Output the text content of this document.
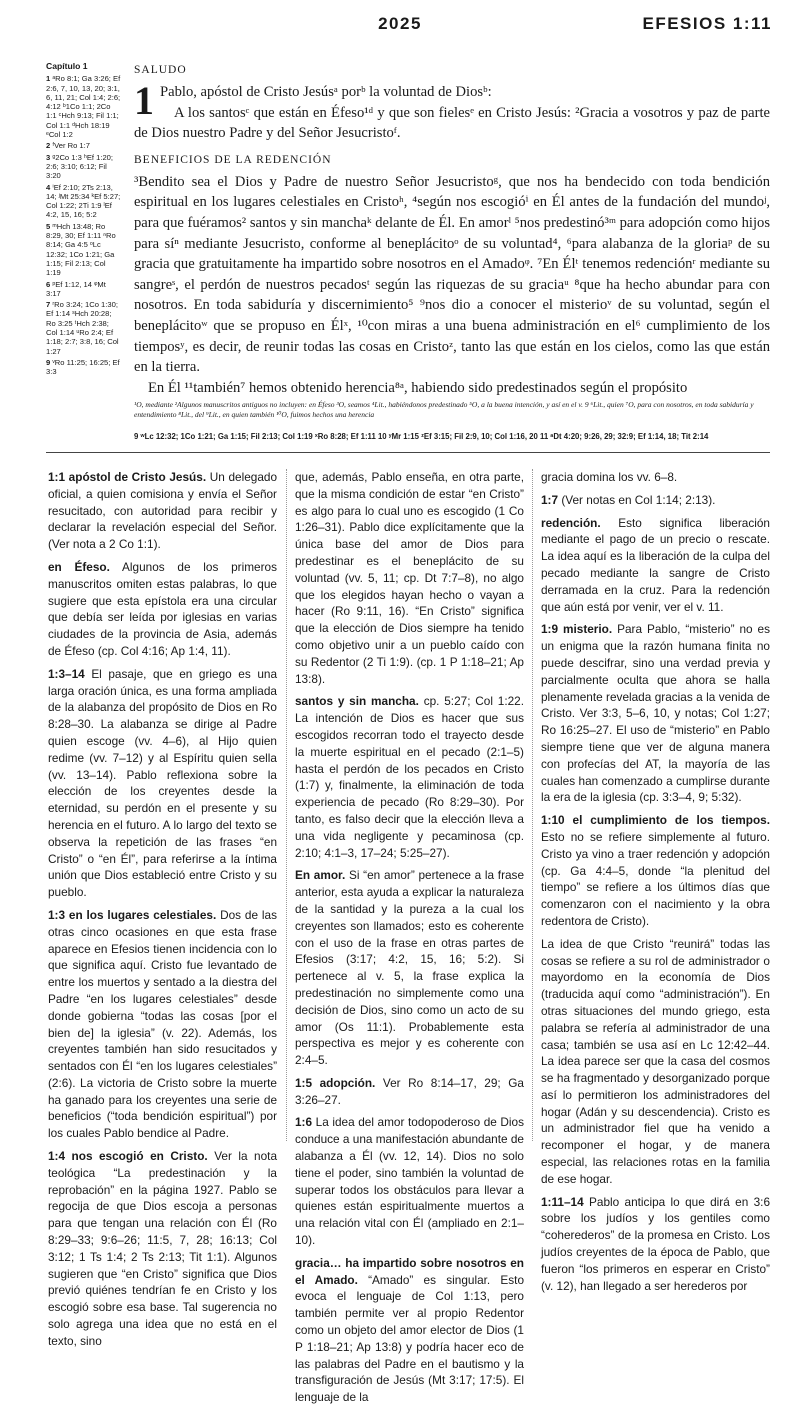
2025	EFESIOS 1:11
Capítulo 1
1 ᵃRo 8:1; Ga 3:26; Ef 2:6, 7, 10, 13, 20; 3:1, 6, 11, 21; Col 1:4; 2:6; 4:12 ᵇ1Co 1:1; 2Co 1:1 ᶜHch 9:13; Fil 1:1; Col 1:1 ᵈHch 18:19 ᵉCol 1:2
2 ᶠVer Ro 1:7
3 ᵍ2Co 1:3 ʰEf 1:20; 2:6; 3:10; 6:12; Fil 3:20
4 ⁱEf 2:10; 2Ts 2:13, 14; ʲMt 25:34 ᵏEf 5:27; Col 1:22; 2Ti 1:9 ˡEf 4:2, 15, 16; 5:2
5 ᵐHch 13:48; Ro 8:29, 30; Ef 1:11 ⁿRo 8:14; Ga 4:5 ᵒLc 12:32; 1Co 1:21; Ga 1:15; Fil 2:13; Col 1:19
6 ᵖEf 1:12, 14 ᵠMt 3:17
7 ʳRo 3:24; 1Co 1:30; Ef 1:14 ˢHch 20:28; Ro 3:25 ᵗHch 2:38; Col 1:14 ᵘRo 2:4; Ef 1:18; 2:7; 3:8, 16; Col 1:27
9 ᵛRo 11:25; 16:25; Ef 3:3
SALUDO
1 Pablo, apóstol de Cristo Jesúsᵃ porᵇ la voluntad de Diosᵇ:

A los santosᶜ que están en Éfeso¹ᵈ y que son fielesᵉ en Cristo Jesús: ²Gracia a vosotros y paz de parte de Dios nuestro Padre y del Señor Jesucristoᶠ.

BENEFICIOS DE LA REDENCIÓN

³Bendito sea el Dios y Padre de nuestro Señor Jesucristoᵍ, que nos ha bendecido con toda bendición espiritual en los lugares celestiales en Cristoʰ, ⁴según nos escogióⁱ en Él antes de la fundación del mundoʲ, para que fuéramos² santos y sin manchaᵏ delante de Él. En amorˡ ⁵nos predestinó³ᵐ para adopción como hijos para síⁿ mediante Jesucristo, conforme al beneplácitoᵒ de su voluntad⁴, ⁶para alabanza de la gloriaᵖ de su gracia que gratuitamente ha impartido sobre nosotros en el Amadoᵠ. ⁷En Élᵗ tenemos redenciónʳ mediante su sangreˢ, el perdón de nuestros pecadosᵗ según las riquezas de su graciaᵘ ⁸que ha hecho abundar para con nosotros. En toda sabiduría y discernimiento⁵ ⁹nos dio a conocer el misterioᵛ de su voluntad, según el beneplácitoʷ que se propuso en Élˣ, ¹⁰con miras a una buena administración en el⁶ cumplimiento de los tiemposʸ, es decir, de reunir todas las cosas en Cristoᶻ, tanto las que están en los cielos, como las que están en la tierra.

En Él ¹¹también⁷ hemos obtenido herencia⁸ᵃ, habiendo sido predestinados según el propósito

¹O, mediante ²Algunos manuscritos antiguos no incluyen: en Éfeso ³O, seamos ⁴Lit., habiéndonos predestinado ⁵O, a la buena intención, y así en el v. 9 ⁶Lit., quien ⁷O, para con nosotros, en toda sabiduría y entendimiento ⁸Lit., del ⁹Lit., en quien también ¹⁰O, fuimos hechos una herencia
9 ʷLc 12:32; 1Co 1:21; Ga 1:15; Fil 2:13; Col 1:19 ˣRo 8:28; Ef 1:11 10 ʸMr 1:15 ᶻEf 3:15; Fil 2:9, 10; Col 1:16, 20 11 ᵃDt 4:20; 9:26, 29; 32:9; Ef 1:14, 18; Tit 2:14

1:1 apóstol de Cristo Jesús. Un delegado oficial, a quien comisiona y envía el Señor resucitado, con autoridad para recibir y declarar la revelación especial del Señor. (Ver nota a 2 Co 1:1).

en Éfeso. Algunos de los primeros manuscritos omiten estas palabras, lo que sugiere que esta epístola era una circular que debía ser leída por iglesias en varias ciudades de la provincia de Asia, además de Éfeso (cp. Col 4:16; Ap 1:4, 11).

1:3–14 El pasaje, que en griego es una larga oración única, es una forma ampliada de la alabanza del propósito de Dios en Ro 8:28–30. La alabanza se dirige al Padre quien escoge (vv. 4–6), al Hijo quien redime (vv. 7–12) y al Espíritu quien sella (vv. 13–14). Pablo reflexiona sobre la elección de los creyentes desde la eternidad, su perdón en el presente y su herencia en el futuro. A lo largo del texto se observa la repetición de las frases “en Cristo” o “en Él”, para referirse a la íntima unión que Dios estableció entre Cristo y su pueblo.

1:3 en los lugares celestiales. Dos de las otras cinco ocasiones en que esta frase aparece en Efesios tienen incidencia con lo que significa aquí. Cristo fue levantado de entre los muertos y sentado a la diestra del Padre “en los lugares celestiales” desde donde gobierna “todas las cosas [por el bien de] la iglesia” (v. 22). Además, los creyentes también han sido resucitados y sentados con Él “en los lugares celestiales” (2:6). La victoria de Cristo sobre la muerte ha ganado para los creyentes una serie de beneficios (“toda bendición espiritual”) por los cuales Pablo bendice al Padre.

1:4 nos escogió en Cristo. Ver la nota teológica “La predestinación y la reprobación” en la página 1927. Pablo se regocija de que Dios escoja a personas para que tengan una relación con Él (Ro 8:29–33; 9:6–26; 11:5, 7, 28; 16:13; Col 3:12; 1 Ts 1:4; 2 Ts 2:13; Tit 1:1). Algunos sugieren que “en Cristo” significa que Dios previó quiénes tendrían fe en Cristo y los escogió sobre esa base. Tal sugerencia no solo agrega una idea que no está en el texto, sino

que, además, Pablo enseña, en otra parte, que la misma condición de estar “en Cristo” es algo para lo cual uno es escogido (1 Co 1:26–31). Pablo dice explícitamente que la única base del amor de Dios para predestinar es el beneplácito de su voluntad (vv. 5, 11; cp. Dt 7:7–8), no algo que los elegidos hayan hecho o vayan a hacer (Ro 9:11, 16). “En Cristo” significa que la elección de Dios siempre ha tenido como objetivo unir a un pueblo caído con su Redentor (2 Ti 1:9). (cp. 1 P 1:18–21; Ap 13:8).

santos y sin mancha. cp. 5:27; Col 1:22. La intención de Dios es hacer que sus escogidos recorran todo el trayecto desde la muerte espiritual en el pecado (2:1–5) hasta el perdón de los pecados en Cristo (1:7) y, finalmente, la eliminación de toda experiencia de pecado (Ro 8:29–30). Por tanto, es falso decir que la elección lleva a una vida negligente y pecaminosa (cp. 2:10; 4:1–3, 17–24; 5:25–27).

En amor. Si “en amor” pertenece a la frase anterior, esta ayuda a explicar la naturaleza de la santidad y la pureza a la cual los creyentes son llamados; esto es coherente con el uso de la frase en otras partes de Efesios (3:17; 4:2, 15, 16; 5:2). Si pertenece al v. 5, la frase explica la predestinación no simplemente como una decisión de Dios, sino como un acto de su amor (Os 11:1). Probablemente esta perspectiva es mejor y es coherente con 2:4–5.

1:5 adopción. Ver Ro 8:14–17, 29; Ga 3:26–27.

1:6 La idea del amor todopoderoso de Dios conduce a una manifestación abundante de alabanza a Él (vv. 12, 14). Dios no solo tiene el poder, sino también la voluntad de superar todos los obstáculos para llevar a quienes están espiritualmente muertos a una relación vital con Él (ampliado en 2:1–10).

gracia… ha impartido sobre nosotros en el Amado. “Amado” es singular. Esto evoca el lenguaje de Col 1:13, pero también permite ver al propio Redentor como un objeto del amor elector de Dios (1 P 1:18–21; Ap 13:8) y podría hacer eco de las palabras del Padre en el bautismo y la transfiguración de Jesús (Mt 3:17; 17:5). El lenguaje de la

gracia domina los vv. 6–8.

1:7 (Ver notas en Col 1:14; 2:13).

redención. Esto significa liberación mediante el pago de un precio o rescate. La idea aquí es la liberación de la culpa del pecado mediante la sangre de Cristo derramada en la cruz. Para la redención que aún está por venir, ver el v. 11.

1:9 misterio. Para Pablo, “misterio” no es un enigma que la razón humana finita no puede descifrar, sino una verdad previa y parcialmente oculta que ahora se halla plenamente revelada gracias a la venida de Cristo. Ver 3:3, 5–6, 10, y notas; Col 1:27; Ro 16:25–27. El uso de “misterio” en Pablo siempre tiene que ver de alguna manera con profecías del AT, la mayoría de las cuales han comenzado a cumplirse durante la era de la iglesia (cp. 3:3–4, 9; 5:32).

1:10 el cumplimiento de los tiempos. Esto no se refiere simplemente al futuro. Cristo ya vino a traer redención y adopción (cp. Ga 4:4–5, donde “la plenitud del tiempo” se refiere a los últimos días que comenzaron con el nacimiento y la obra redentora de Cristo).

La idea de que Cristo “reunirá” todas las cosas se refiere a su rol de administrador o mayordomo en la economía de Dios (traducida aquí como “administración”). En otras situaciones del mundo griego, esta palabra se refería al administrador de una casa; también se usa así en Lc 12:42–44. La idea parece ser que la casa del cosmos se ha fragmentado y desorganizado porque así lo permitieron los administradores del hogar (Adán y su descendencia). Cristo es un administrador fiel que ha venido a recomponer el hogar, y de manera especial, las relaciones rotas en la familia de ese hogar.

1:11–14 Pablo anticipa lo que dirá en 3:6 sobre los judíos y los gentiles como “coherederos” de la promesa en Cristo. Los judíos creyentes de la época de Pablo, que fueron “los primeros en esperar en Cristo” (v. 12), han llegado a ser herederos por
